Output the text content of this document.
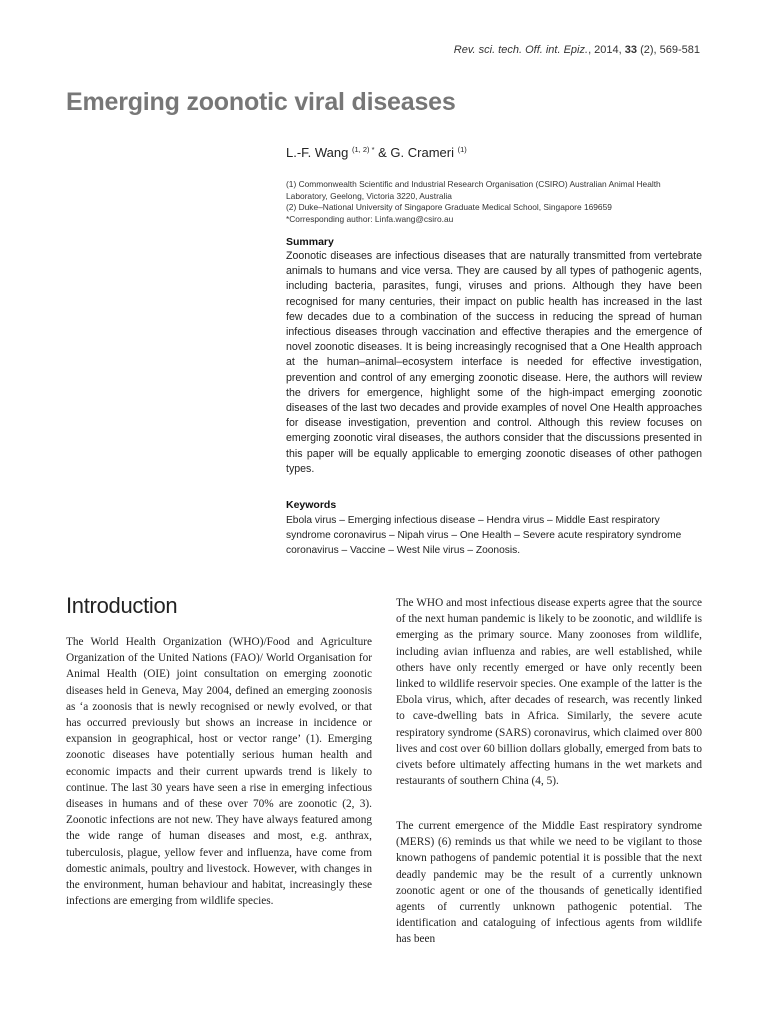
Rev. sci. tech. Off. int. Epiz., 2014, 33 (2), 569-581
Emerging zoonotic viral diseases
L.-F. Wang $^{(1, 2) *}$ & G. Crameri $^{(1)}$
(1) Commonwealth Scientific and Industrial Research Organisation (CSIRO) Australian Animal Health
Laboratory, Geelong, Victoria 3220, Australia
(2) Duke–National University of Singapore Graduate Medical School, Singapore 169659
*Corresponding author: Linfa.wang@csiro.au
Summary

Zoonotic diseases are infectious diseases that are naturally transmitted from vertebrate animals to humans and vice versa. They are caused by all types of pathogenic agents, including bacteria, parasites, fungi, viruses and prions. Although they have been recognised for many centuries, their impact on public health has increased in the last few decades due to a combination of the success in reducing the spread of human infectious diseases through vaccination and effective therapies and the emergence of novel zoonotic diseases. It is being increasingly recognised that a One Health approach at the human–animal–ecosystem interface is needed for effective investigation, prevention and control of any emerging zoonotic disease. Here, the authors will review the drivers for emergence, highlight some of the high-impact emerging zoonotic diseases of the last two decades and provide examples of novel One Health approaches for disease investigation, prevention and control. Although this review focuses on emerging zoonotic viral diseases, the authors consider that the discussions presented in this paper will be equally applicable to emerging zoonotic diseases of other pathogen types.

Keywords

Ebola virus – Emerging infectious disease – Hendra virus – Middle East respiratory syndrome coronavirus – Nipah virus – One Health – Severe acute respiratory syndrome coronavirus – Vaccine – West Nile virus – Zoonosis.

Introduction

The World Health Organization (WHO)/Food and Agriculture Organization of the United Nations (FAO)/ World Organisation for Animal Health (OIE) joint consultation on emerging zoonotic diseases held in Geneva, May 2004, defined an emerging zoonosis as ‘a zoonosis that is newly recognised or newly evolved, or that has occurred previously but shows an increase in incidence or expansion in geographical, host or vector range’ (1). Emerging zoonotic diseases have potentially serious human health and economic impacts and their current upwards trend is likely to continue. The last 30 years have seen a rise in emerging infectious diseases in humans and of these over 70% are zoonotic (2, 3). Zoonotic infections are not new. They have always featured among the wide range of human diseases and most, e.g. anthrax, tuberculosis, plague, yellow fever and influenza, have come from domestic animals, poultry and livestock. However, with changes in the environment, human behaviour and habitat, increasingly these infections are emerging from wildlife species.

The WHO and most infectious disease experts agree that the source of the next human pandemic is likely to be zoonotic, and wildlife is emerging as the primary source. Many zoonoses from wildlife, including avian influenza and rabies, are well established, while others have only recently emerged or have only recently been linked to wildlife reservoir species. One example of the latter is the Ebola virus, which, after decades of research, was recently linked to cave-dwelling bats in Africa. Similarly, the severe acute respiratory syndrome (SARS) coronavirus, which claimed over 800 lives and cost over 60 billion dollars globally, emerged from bats to civets before ultimately affecting humans in the wet markets and restaurants of southern China (4, 5).

The current emergence of the Middle East respiratory syndrome (MERS) (6) reminds us that while we need to be vigilant to those known pathogens of pandemic potential it is possible that the next deadly pandemic may be the result of a currently unknown zoonotic agent or one of the thousands of genetically identified agents of currently unknown pathogenic potential. The identification and cataloguing of infectious agents from wildlife has been
